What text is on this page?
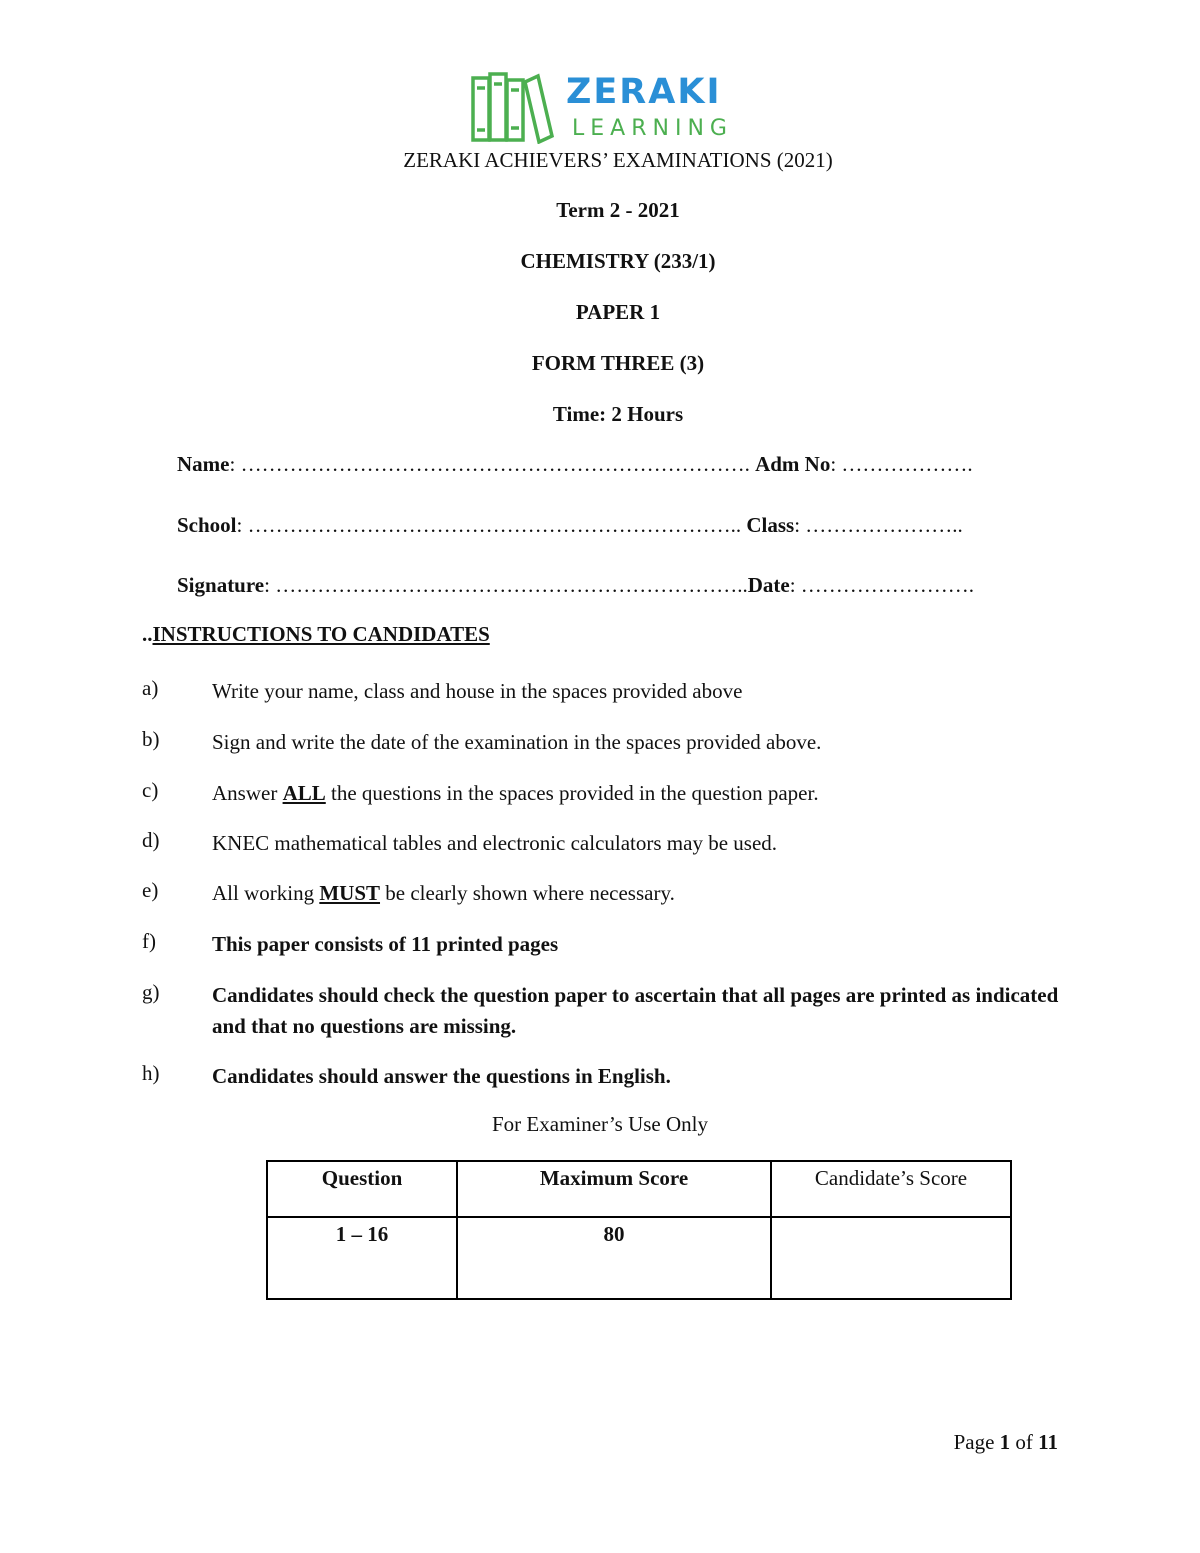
ZERAKI
LEARNING
ZERAKI ACHIEVERS’ EXAMINATIONS (2021)
Term 2 - 2021
CHEMISTRY (233/1)
PAPER 1
FORM THREE (3)
Time: 2 Hours
Name: ………………………………………………………………. Adm No: ……………….
School: …………………………………………………………….. Class: …………………..
Signature: …………………………………………………………..Date: …………………….
..INSTRUCTIONS TO CANDIDATES
a)	Write your name, class and house in the spaces provided above
b)	Sign and write the date of the examination in the spaces provided above.
c)	Answer ALL the questions in the spaces provided in the question paper.
d)	KNEC mathematical tables and electronic calculators may be used.
e)	All working MUST be clearly shown where necessary.
f)	This paper consists of 11 printed pages
g)	Candidates should check the question paper to ascertain that all pages are printed as indicated and that no questions are missing.
h)	Candidates should answer the questions in English.
For Examiner’s Use Only
Question	Maximum Score	Candidate’s Score
1 – 16	80	
Page 1 of 11
